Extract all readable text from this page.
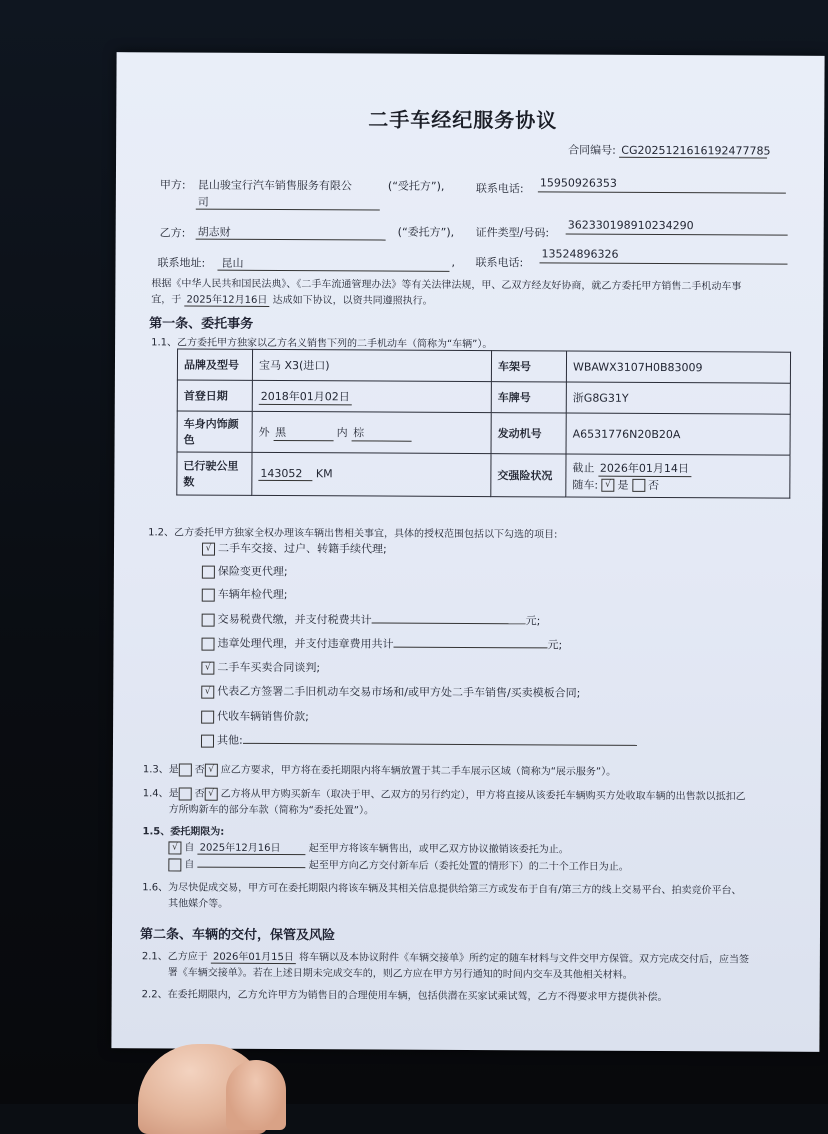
二手车经纪服务协议
合同编号: CG2025121616192477785
甲方: 昆山骏宝行汽车销售服务有限公
司
(“受托方”),	联系电话: 15950926353
乙方: 胡志财	(“委托方”), 证件类型/号码:
362330198910234290
联系地址: 昆山	, 联系电话:
13524896326
根据《中华人民共和国民法典》、《二手车流通管理办法》等有关法律法规，甲、乙双方经友好协商，就乙方委托甲方销售二手机动车事
宜，于 2025年12月16日 达成如下协议，以资共同遵照执行。
第一条、委托事务
1.1、乙方委托甲方独家以乙方名义销售下列的二手机动车（简称为“车辆”）。
品牌及型号	宝马 X3(进口)	车架号	WBAWX3107H0B83009
首登日期	2018年01月02日	车牌号	浙G8G31Y
车身内饰颜色	外 黑 内 棕	发动机号	A6531776N20B20A
已行驶公里数	143052 KM	交强险状况	截止 2026年01月14日
随车: √ 是 否
1.2、乙方委托甲方独家全权办理该车辆出售相关事宜，具体的授权范围包括以下勾选的项目:
√ 二手车交接、过户、转籍手续代理;
保险变更代理;
车辆年检代理;
交易税费代缴，并支付税费共计	元;
违章处理代理，并支付违章费用共计	元;
√ 二手车买卖合同谈判;
√ 代表乙方签署二手旧机动车交易市场和/或甲方处二手车销售/买卖模板合同;
代收车辆销售价款;
其他:
1.3、是 否 √ 应乙方要求，甲方将在委托期限内将车辆放置于其二手车展示区域（简称为“展示服务”）。
1.4、是 否 √ 乙方将从甲方购买新车（取决于甲、乙双方的另行约定），甲方将直接从该委托车辆购买方处收取车辆的出售款以抵扣乙
方所购新车的部分车款（简称为“委托处置”）。
1.5、委托期限为:
√ 自 2025年12月16日	起至甲方将该车辆售出，或甲乙双方协议撤销该委托为止。
自	起至甲方向乙方交付新车后（委托处置的情形下）的二十个工作日为止。
1.6、为尽快促成交易，甲方可在委托期限内将该车辆及其相关信息提供给第三方或发布于自有/第三方的线上交易平台、拍卖竞价平台、
其他媒介等。
第二条、车辆的交付，保管及风险
2.1、乙方应于 2026年01月15日 将车辆以及本协议附件《车辆交接单》所约定的随车材料与文件交甲方保管。双方完成交付后，应当签
署《车辆交接单》。若在上述日期未完成交车的，则乙方应在甲方另行通知的时间内交车及其他相关材料。
2.2、在委托期限内，乙方允许甲方为销售目的合理使用车辆，包括供潜在买家试乘试驾，乙方不得要求甲方提供补偿。
